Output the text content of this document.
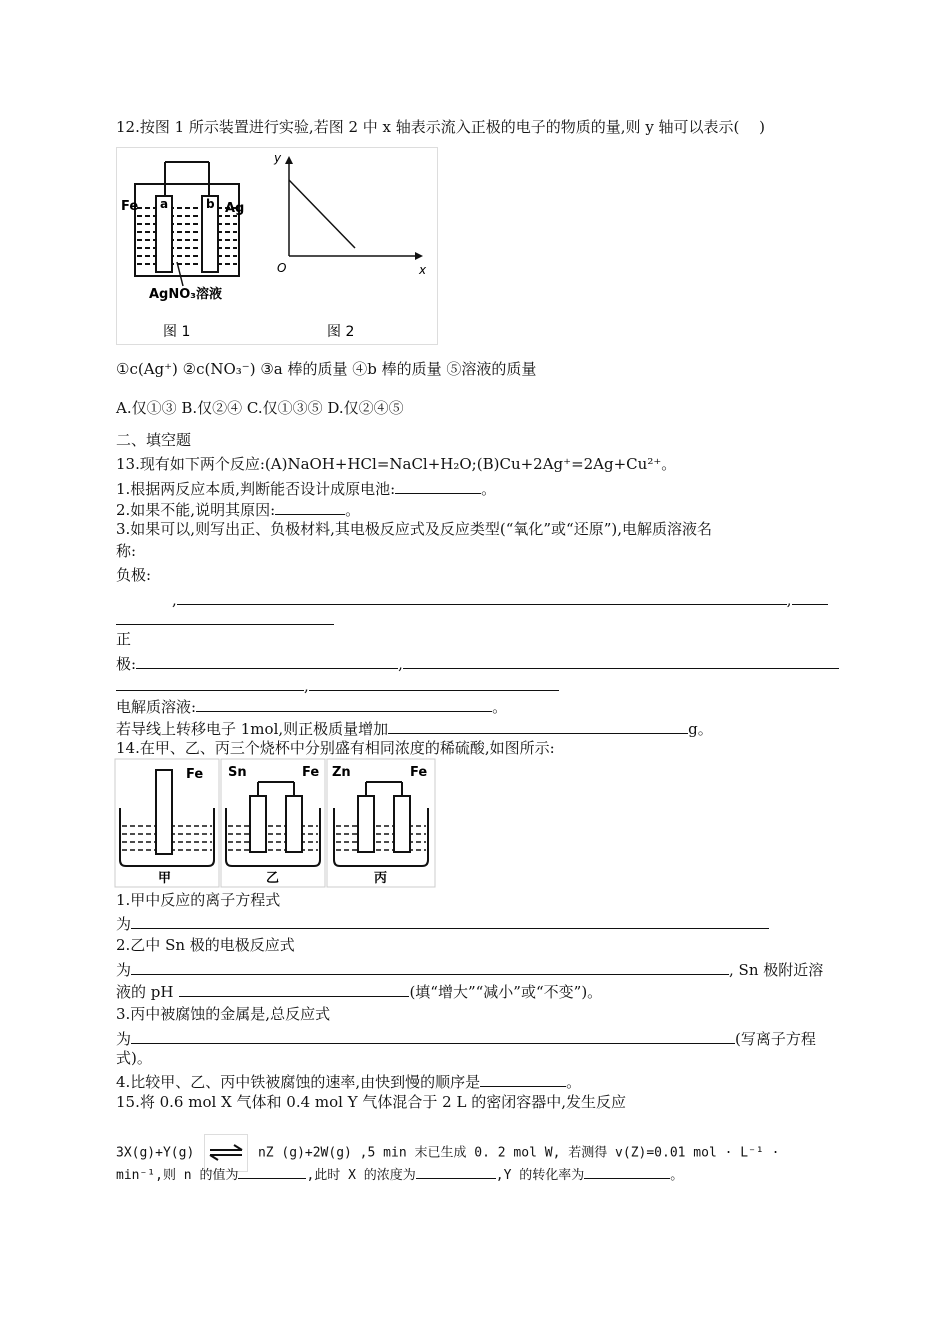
12.按图 1 所示装置进行实验,若图 2 中 x 轴表示流入正极的电子的物质的量,则 y 轴可以表示(　 )
Fe a	b Ag
AgNO₃溶液
图 1
y
O	x
图 2
①c(Ag⁺) ②c(NO₃⁻) ③a 棒的质量 ④b 棒的质量 ⑤溶液的质量
A.仅①③ B.仅②④ C.仅①③⑤ D.仅②④⑤
二、填空题
13.现有如下两个反应:(A)NaOH+HCl=NaCl+H₂O;(B)Cu+2Ag⁺=2Ag+Cu²⁺。
1.根据两反应本质,判断能否设计成原电池:	。
2.如果不能,说明其原因:	。
3.如果可以,则写出正、负极材料,其电极反应式及反应类型(“氧化”或“还原”),电解质溶液名
称:
负极:
,	,
正
极:	,
,
电解质溶液:	。
若导线上转移电子 1mol,则正极质量增加	g。
14.在甲、乙、丙三个烧杯中分别盛有相同浓度的稀硫酸,如图所示:
Fe
甲
Sn	Fe
乙
Zn	Fe
丙
1.甲中反应的离子方程式
为
2.乙中 Sn 极的电极反应式
为	, Sn 极附近溶
液的 pH	(填“增大”“减小”或“不变”)。
3.丙中被腐蚀的金属是,总反应式
为	(写离子方程
式)。
4.比较甲、乙、丙中铁被腐蚀的速率,由快到慢的顺序是	。
15.将 0.6 mol X 气体和 0.4 mol Y 气体混合于 2 L 的密闭容器中,发生反应
3X(g)+Y(g)	nZ (g)+2W(g) ,5 min 末已生成 0. 2 mol W, 若测得 v(Z)=0.01 mol · L⁻¹ ·
min⁻¹,则 n 的值为	,此时 X 的浓度为	,Y 的转化率为	。
